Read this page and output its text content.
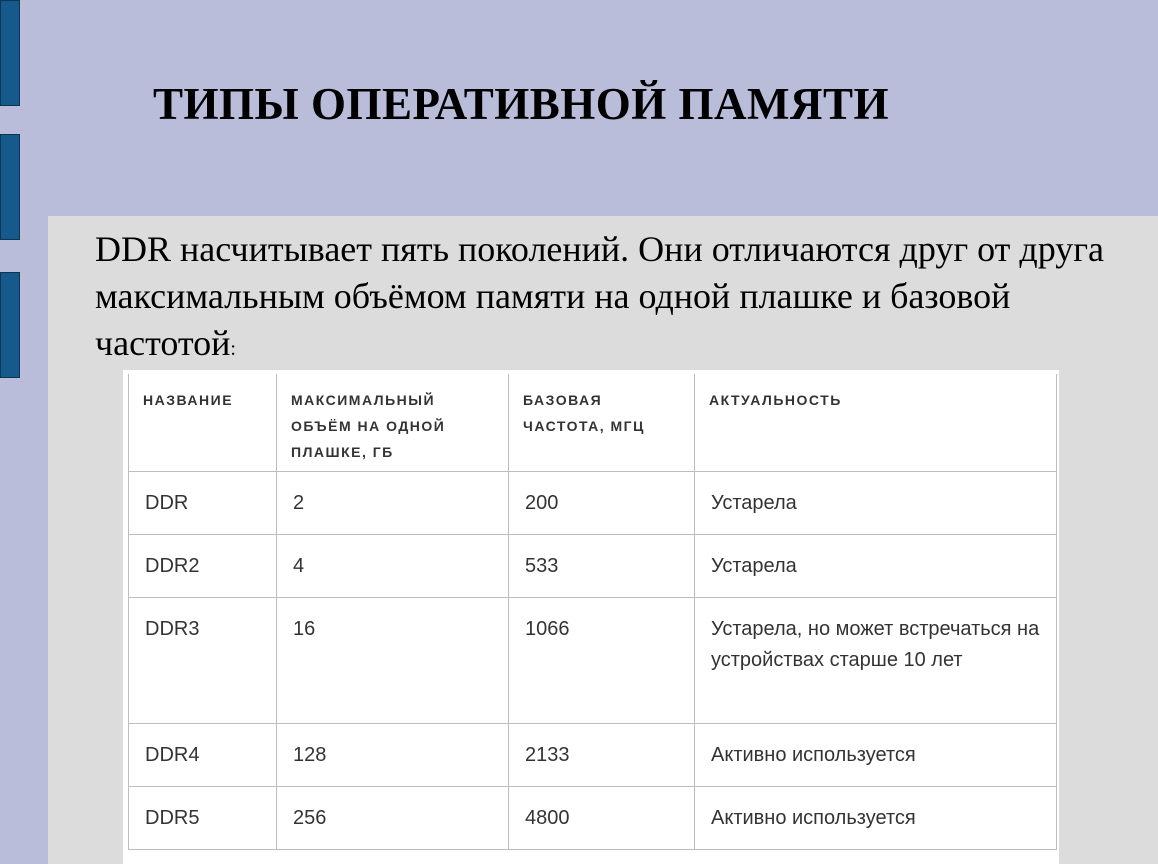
ТИПЫ ОПЕРАТИВНОЙ ПАМЯТИ

DDR насчитывает пять поколений. Они отличаются друг от друга максимальным объёмом памяти на одной плашке и базовой частотой:

НАЗВАНИЕ	МАКСИМАЛЬНЫЙ ОБЪЁМ НА ОДНОЙ ПЛАШКЕ, ГБ	БАЗОВАЯ ЧАСТОТА, МГЦ	АКТУАЛЬНОСТЬ
DDR	2	200	Устарела
DDR2	4	533	Устарела
DDR3	16	1066	Устарела, но может встречаться на устройствах старше 10 лет
DDR4	128	2133	Активно используется
DDR5	256	4800	Активно используется
